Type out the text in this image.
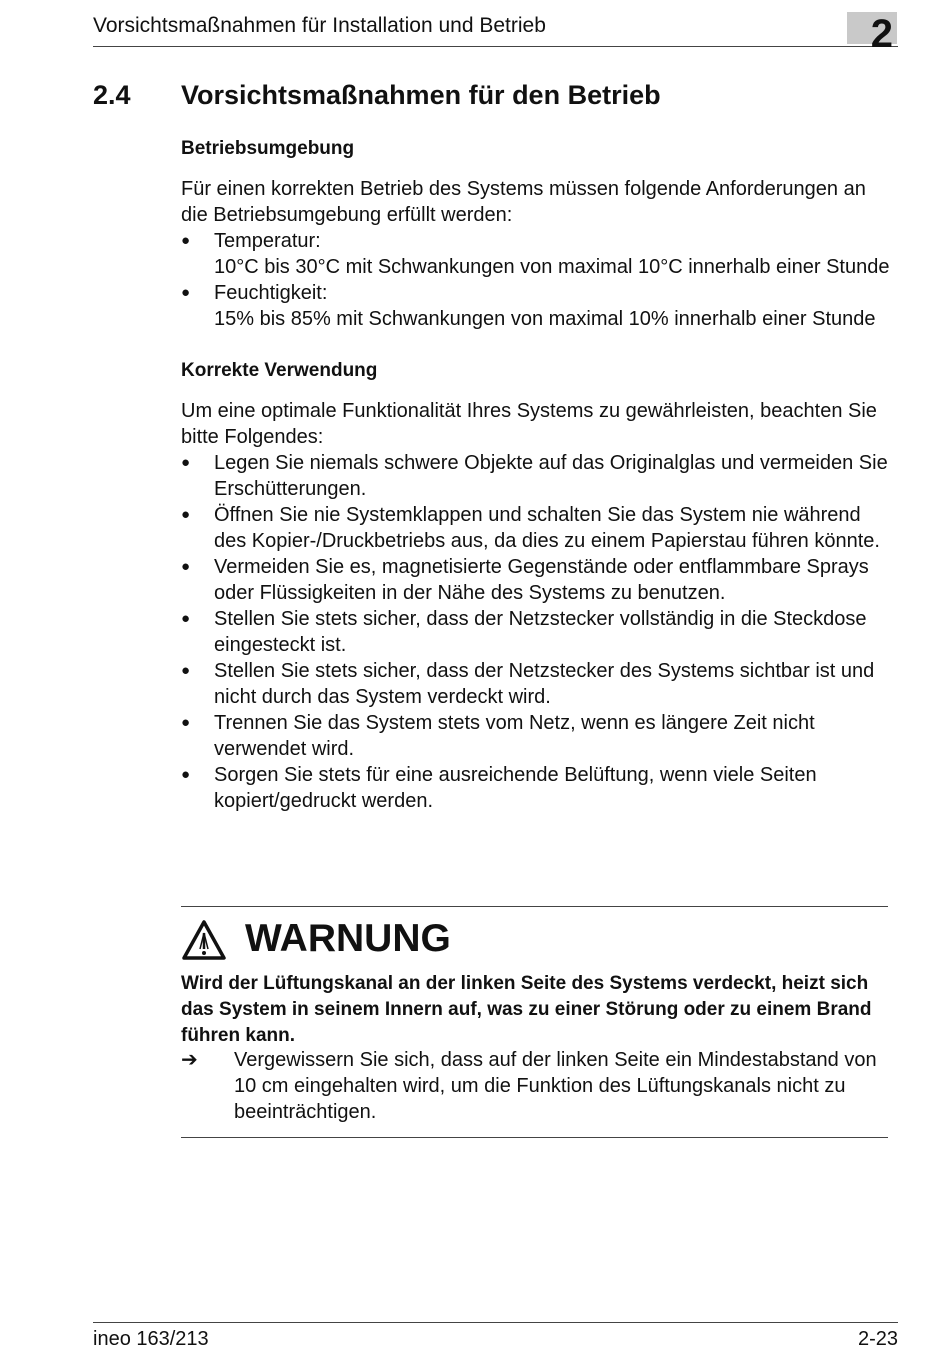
Vorsichtsmaßnahmen für Installation und Betrieb	2
2.4 Vorsichtsmaßnahmen für den Betrieb
Betriebsumgebung

Für einen korrekten Betrieb des Systems müssen folgende Anforderungen an die Betriebsumgebung erfüllt werden:

● Temperatur:
10°C bis 30°C mit Schwankungen von maximal 10°C innerhalb einer Stunde
● Feuchtigkeit:
15% bis 85% mit Schwankungen von maximal 10% innerhalb einer Stunde
Korrekte Verwendung

Um eine optimale Funktionalität Ihres Systems zu gewährleisten, beachten Sie bitte Folgendes:

● Legen Sie niemals schwere Objekte auf das Originalglas und vermeiden Sie Erschütterungen.
● Öffnen Sie nie Systemklappen und schalten Sie das System nie während des Kopier-/Druckbetriebs aus, da dies zu einem Papierstau führen könnte.
● Vermeiden Sie es, magnetisierte Gegenstände oder entflammbare Sprays oder Flüssigkeiten in der Nähe des Systems zu benutzen.
● Stellen Sie stets sicher, dass der Netzstecker vollständig in die Steckdose eingesteckt ist.
● Stellen Sie stets sicher, dass der Netzstecker des Systems sichtbar ist und nicht durch das System verdeckt wird.
● Trennen Sie das System stets vom Netz, wenn es längere Zeit nicht verwendet wird.
● Sorgen Sie stets für eine ausreichende Belüftung, wenn viele Seiten kopiert/gedruckt werden.
WARNUNG
Wird der Lüftungskanal an der linken Seite des Systems verdeckt, heizt sich das System in seinem Innern auf, was zu einer Störung oder zu einem Brand führen kann.
➔	Vergewissern Sie sich, dass auf der linken Seite ein Mindestabstand von 10 cm eingehalten wird, um die Funktion des Lüftungskanals nicht zu beeinträchtigen.
ineo 163/213	2-23
